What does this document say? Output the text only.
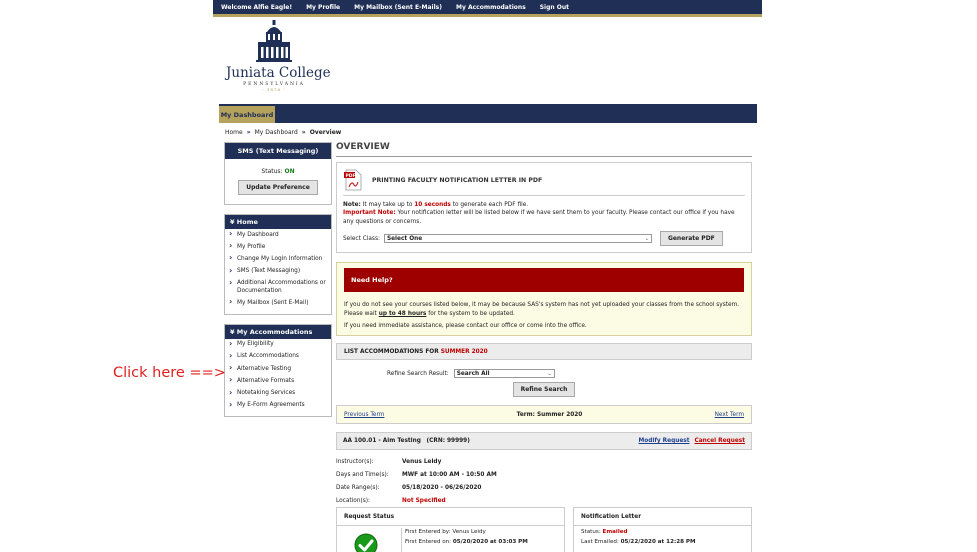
Welcome Alfie Eagle! My Profile My Mailbox (Sent E-Mails) My Accommodations Sign Out
Juniata College
PENNSYLVANIA
- 1876 -
My Dashboard
Home » My Dashboard » Overview
SMS (Text Messaging)
Status: ON
Update Preference
¥ Home
› My Dashboard
› My Profile
› Change My Login Information
› SMS (Text Messaging)
› Additional Accommodations or Documentation
› My Mailbox (Sent E-Mail)
¥ My Accommodations
› My Eligibility
› List Accommodations
› Alternative Testing
› Alternative Formats
› Notetaking Services
› My E-Form Agreements
Click here ==>
OVERVIEW
PDF
PRINTING FACULTY NOTIFICATION LETTER IN PDF

Note: It may take up to 10 seconds to generate each PDF file.

Important Note: Your notification letter will be listed below if we have sent them to your faculty. Please contact our office if you have any questions or concerns.

Select Class: Select One	⌄	Generate PDF
Need Help?

If you do not see your courses listed below, it may be because SAS's system has not yet uploaded your classes from the school system.

Please wait up to 48 hours for the system to be updated.

If you need immediate assistance, please contact our office or come into the office.

LIST ACCOMMODATIONS FOR SUMMER 2020
Refine Search Result: Search All	⌄
Refine Search
Previous Term	Term: Summer 2020	Next Term
AA 100.01 - Aim Testing (CRN: 99999)	Modify Request Cancel Request
Instructor(s):	Venus Leidy
Days and Time(s):	MWF at 10:00 AM - 10:50 AM
Date Range(s):	05/18/2020 - 06/26/2020
Location(s):	Not Specified
Request Status
First Entered by: Venus Leidy
First Entered on: 05/20/2020 at 03:03 PM
Notification Letter
Status: Emailed
Last Emailed: 05/22/2020 at 12:28 PM
